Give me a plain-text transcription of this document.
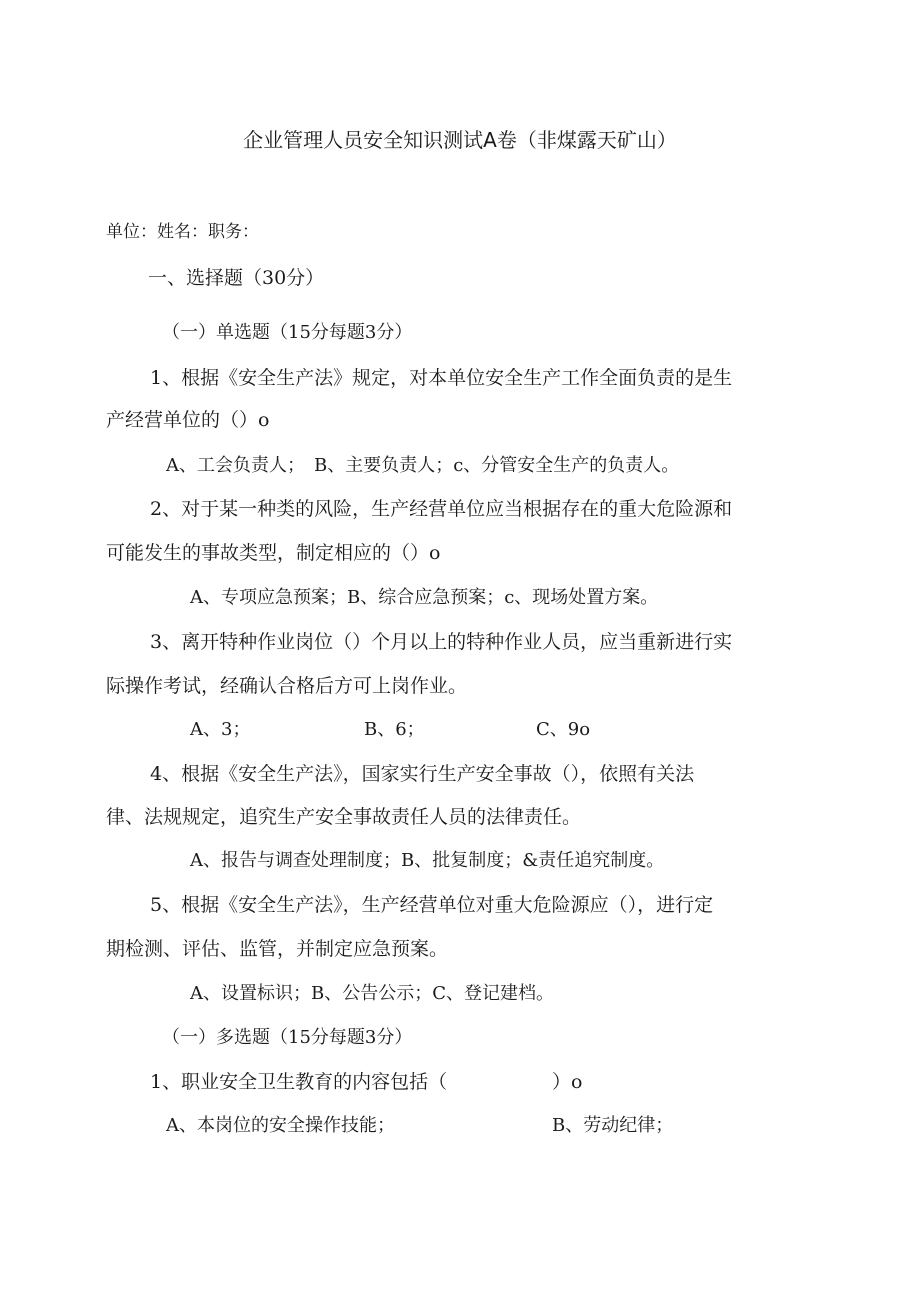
企业管理人员安全知识测试A卷（非煤露天矿山）
单位：姓名：职务：
一、选择题（30分）
（一）单选题（15分每题3分）
1、根据《安全生产法》规定，对本单位安全生产工作全面负责的是生
产经营单位的（）o
A、工会负责人；　B、主要负责人；c、分管安全生产的负责人。
2、对于某一种类的风险，生产经营单位应当根据存在的重大危险源和
可能发生的事故类型，制定相应的（）o
A、专项应急预案；B、综合应急预案；c、现场处置方案。
3、离开特种作业岗位（）个月以上的特种作业人员，应当重新进行实
际操作考试，经确认合格后方可上岗作业。
A、3；	B、6；	C、9o
4、根据《安全生产法》，国家实行生产安全事故（），依照有关法
律、法规规定，追究生产安全事故责任人员的法律责任。
A、报告与调查处理制度；B、批复制度；&责任追究制度。
5、根据《安全生产法》，生产经营单位对重大危险源应（），进行定
期检测、评估、监管，并制定应急预案。
A、设置标识；B、公告公示；C、登记建档。
（一）多选题（15分每题3分）
1、职业安全卫生教育的内容包括（	）o
A、本岗位的安全操作技能；	B、劳动纪律；
